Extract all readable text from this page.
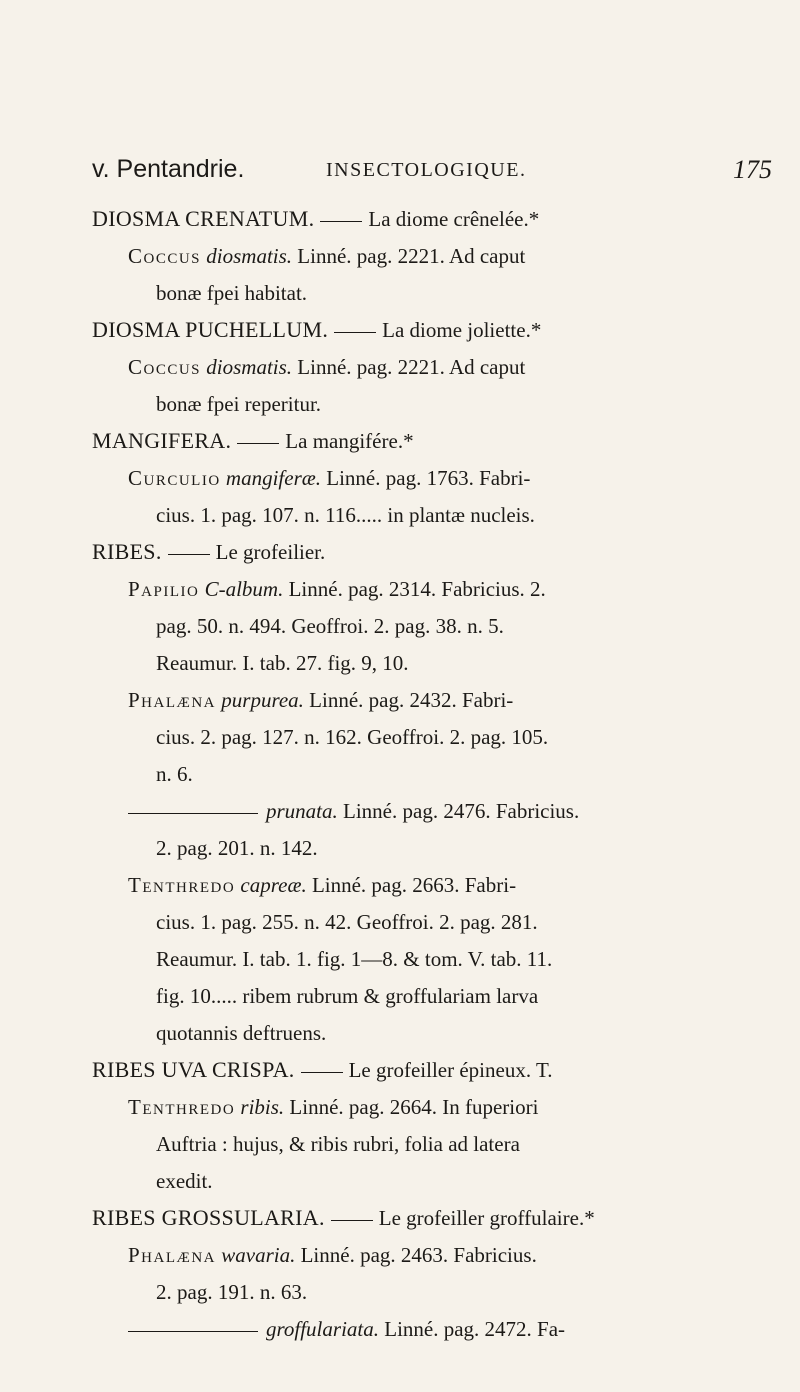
v. Pentandrie.	INSECTOLOGIQUE.	175
DIOSMA CRENATUM.	La diome crênelée.*
Coccus diosmatis. Linné. pag. 2221. Ad caput
bonæ fpei habitat.
DIOSMA PUCHELLUM.	La diome joliette.*
Coccus diosmatis. Linné. pag. 2221. Ad caput
bonæ fpei reperitur.
MANGIFERA.	La mangifére.*
Curculio mangiferæ. Linné. pag. 1763. Fabri-
cius. 1. pag. 107. n. 116..... in plantæ nucleis.
RIBES.	Le grofeilier.
Papilio C-album. Linné. pag. 2314. Fabricius. 2.
pag. 50. n. 494. Geoffroi. 2. pag. 38. n. 5.
Reaumur. I. tab. 27. fig. 9, 10.
Phalæna purpurea. Linné. pag. 2432. Fabri-
cius. 2. pag. 127. n. 162. Geoffroi. 2. pag. 105.
n. 6.
prunata. Linné. pag. 2476. Fabricius.
2. pag. 201. n. 142.
Tenthredo capreæ. Linné. pag. 2663. Fabri-
cius. 1. pag. 255. n. 42. Geoffroi. 2. pag. 281.
Reaumur. I. tab. 1. fig. 1—8. & tom. V. tab. 11.
fig. 10..... ribem rubrum & groffulariam larva
quotannis deftruens.
RIBES UVA CRISPA.	Le grofeiller épineux. T.
Tenthredo ribis. Linné. pag. 2664. In fuperiori
Auftria : hujus, & ribis rubri, folia ad latera
exedit.
RIBES GROSSULARIA.	Le grofeiller groffulaire.*
Phalæna wavaria. Linné. pag. 2463. Fabricius.
2. pag. 191. n. 63.
groffulariata. Linné. pag. 2472. Fa-
